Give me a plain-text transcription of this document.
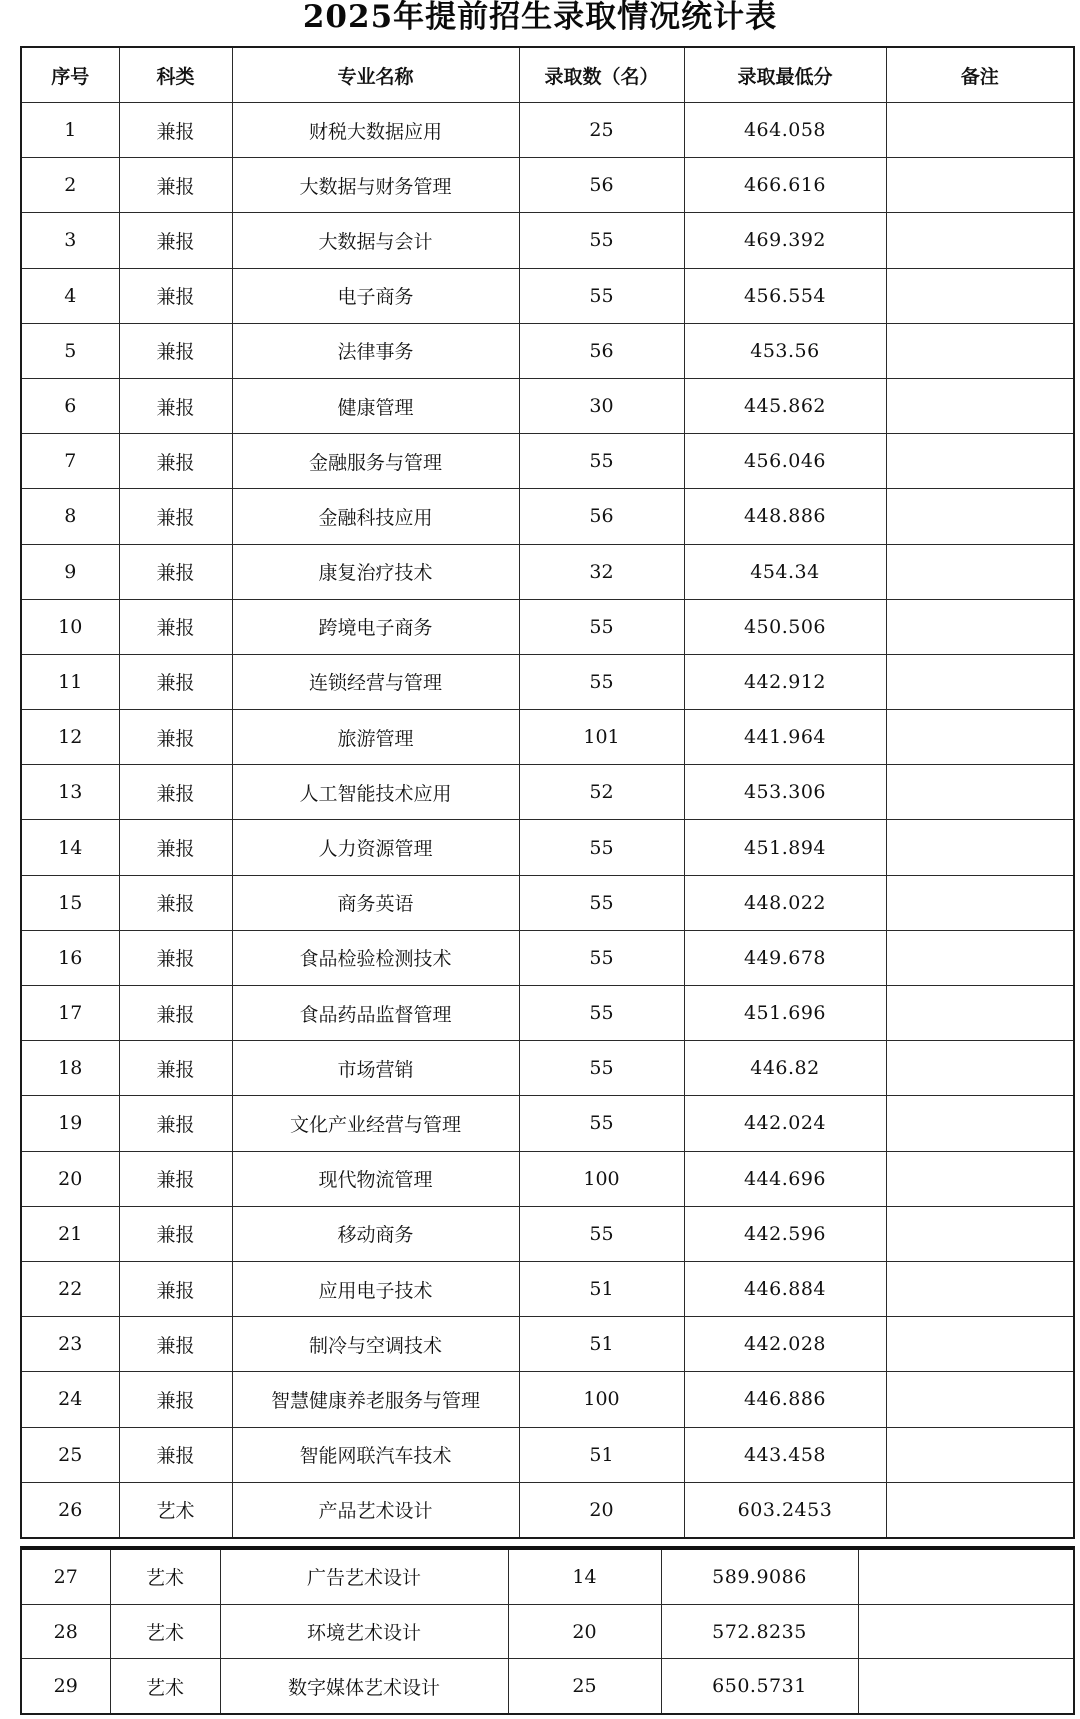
2025年提前招生录取情况统计表
序号	科类	专业名称	录取数（名）	录取最低分	备注
1	兼报	财税大数据应用	25	464.058	
2	兼报	大数据与财务管理	56	466.616	
3	兼报	大数据与会计	55	469.392	
4	兼报	电子商务	55	456.554	
5	兼报	法律事务	56	453.56	
6	兼报	健康管理	30	445.862	
7	兼报	金融服务与管理	55	456.046	
8	兼报	金融科技应用	56	448.886	
9	兼报	康复治疗技术	32	454.34	
10	兼报	跨境电子商务	55	450.506	
11	兼报	连锁经营与管理	55	442.912	
12	兼报	旅游管理	101	441.964	
13	兼报	人工智能技术应用	52	453.306	
14	兼报	人力资源管理	55	451.894	
15	兼报	商务英语	55	448.022	
16	兼报	食品检验检测技术	55	449.678	
17	兼报	食品药品监督管理	55	451.696	
18	兼报	市场营销	55	446.82	
19	兼报	文化产业经营与管理	55	442.024	
20	兼报	现代物流管理	100	444.696	
21	兼报	移动商务	55	442.596	
22	兼报	应用电子技术	51	446.884	
23	兼报	制冷与空调技术	51	442.028	
24	兼报	智慧健康养老服务与管理	100	446.886	
25	兼报	智能网联汽车技术	51	443.458	
26	艺术	产品艺术设计	20	603.2453	
27	艺术	广告艺术设计	14	589.9086	
28	艺术	环境艺术设计	20	572.8235	
29	艺术	数字媒体艺术设计	25	650.5731	
